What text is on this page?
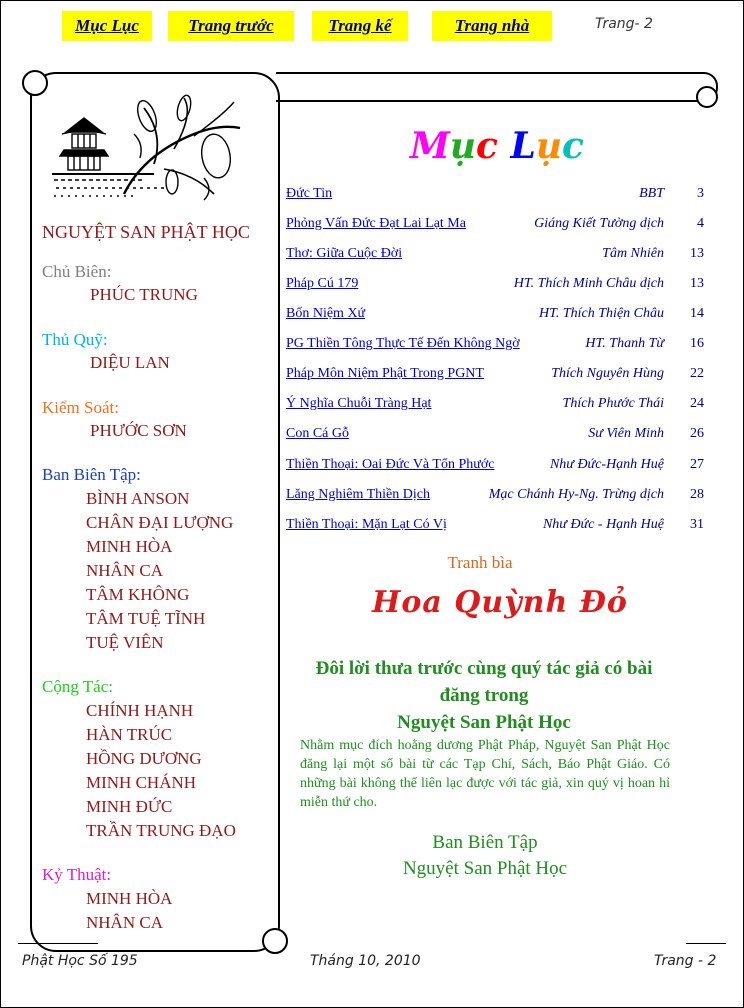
Mục Lục	Trang trước	Trang kế	Trang nhà	Trang- 2
NGUYỆT SAN PHẬT HỌC
Chủ Biên:
PHÚC TRUNG
Thủ Quỹ:
DIỆU LAN
Kiểm Soát:
PHƯỚC SƠN
Ban Biên Tập:
BÌNH ANSON
CHÂN ĐẠI LƯỢNG
MINH HÒA
NHÂN CA
TÂM KHÔNG
TÂM TUỆ TĨNH
TUỆ VIÊN
Cộng Tác:
CHÍNH HẠNH
HÀN TRÚC
HỒNG DƯƠNG
MINH CHÁNH
MINH ĐỨC
TRẦN TRUNG ĐẠO
Kỷ Thuật:
MINH HÒA
NHÂN CA
Mục Lục
Đức Tin	BBT	3
Phỏng Vấn Đức Đạt Lai Lạt Ma	Giáng Kiết Tường dịch	4
Thơ: Giữa Cuộc Đời	Tâm Nhiên	13
Pháp Cú 179	HT. Thích Minh Châu dịch	13
Bốn Niệm Xứ	HT. Thích Thiện Châu	14
PG Thiền Tông Thực Tế Đến Không Ngờ	HT. Thanh Từ	16
Pháp Môn Niệm Phật Trong PGNT	Thích Nguyên Hùng	22
Ý Nghĩa Chuỗi Tràng Hạt	Thích Phước Thái	24
Con Cá Gỗ	Sư Viên Minh	26
Thiền Thoại: Oai Đức Và Tổn Phước	Như Đức-Hạnh Huệ	27
Lăng Nghiêm Thiền Dịch	Mạc Chánh Hy-Ng. Trừng dịch	28
Thiền Thoại: Mặn Lạt Có Vị	Như Đức - Hạnh Huệ	31
Tranh bìa
Hoa Quỳnh Đỏ
Đôi lời thưa trước cùng quý tác giả có bài
đăng trong
Nguyệt San Phật Học
Nhằm mục đích hoằng dương Phật Pháp, Nguyệt San Phật Học đăng lại một số bài từ các Tạp Chí, Sách, Báo Phật Giáo. Có những bài không thể liên lạc được với tác giả, xin quý vị hoan hỉ miễn thứ cho.
Ban Biên Tập
Nguyệt San Phật Học
Phật Học Số 195	Tháng 10, 2010	Trang - 2
